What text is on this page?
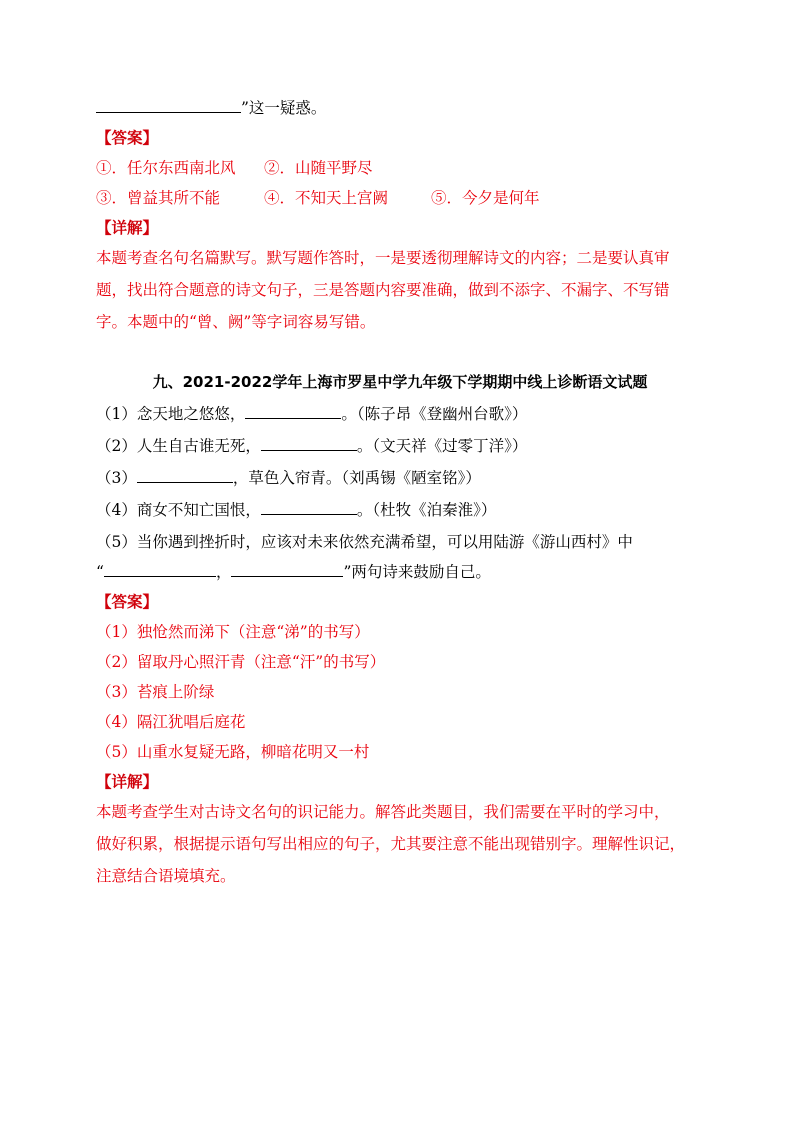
”这一疑惑。
【答案】
①．任尔东西南北风 ②．山随平野尽
③．曾益其所不能	④．不知天上宫阙	⑤．今夕是何年
【详解】
本题考查名句名篇默写。默写题作答时，一是要透彻理解诗文的内容；二是要认真审
题，找出符合题意的诗文句子，三是答题内容要准确，做到不添字、不漏字、不写错
字。本题中的“曾、阙”等字词容易写错。
九、2021-2022学年上海市罗星中学九年级下学期期中线上诊断语文试题
（1）念天地之悠悠，	。（陈子昂《登幽州台歌》）
（2）人生自古谁无死，	。（文天祥《过零丁洋》）
（3）	，草色入帘青。（刘禹锡《陋室铭》）
（4）商女不知亡国恨，	。（杜牧《泊秦淮》）
（5）当你遇到挫折时，应该对未来依然充满希望，可以用陆游《游山西村》中
“	，	”两句诗来鼓励自己。
【答案】
（1）独怆然而涕下（注意“涕”的书写）
（2）留取丹心照汗青（注意“汗”的书写）
（3）苔痕上阶绿
（4）隔江犹唱后庭花
（5）山重水复疑无路，柳暗花明又一村
【详解】
本题考查学生对古诗文名句的识记能力。解答此类题目，我们需要在平时的学习中，
做好积累，根据提示语句写出相应的句子，尤其要注意不能出现错别字。理解性识记，
注意结合语境填充。
